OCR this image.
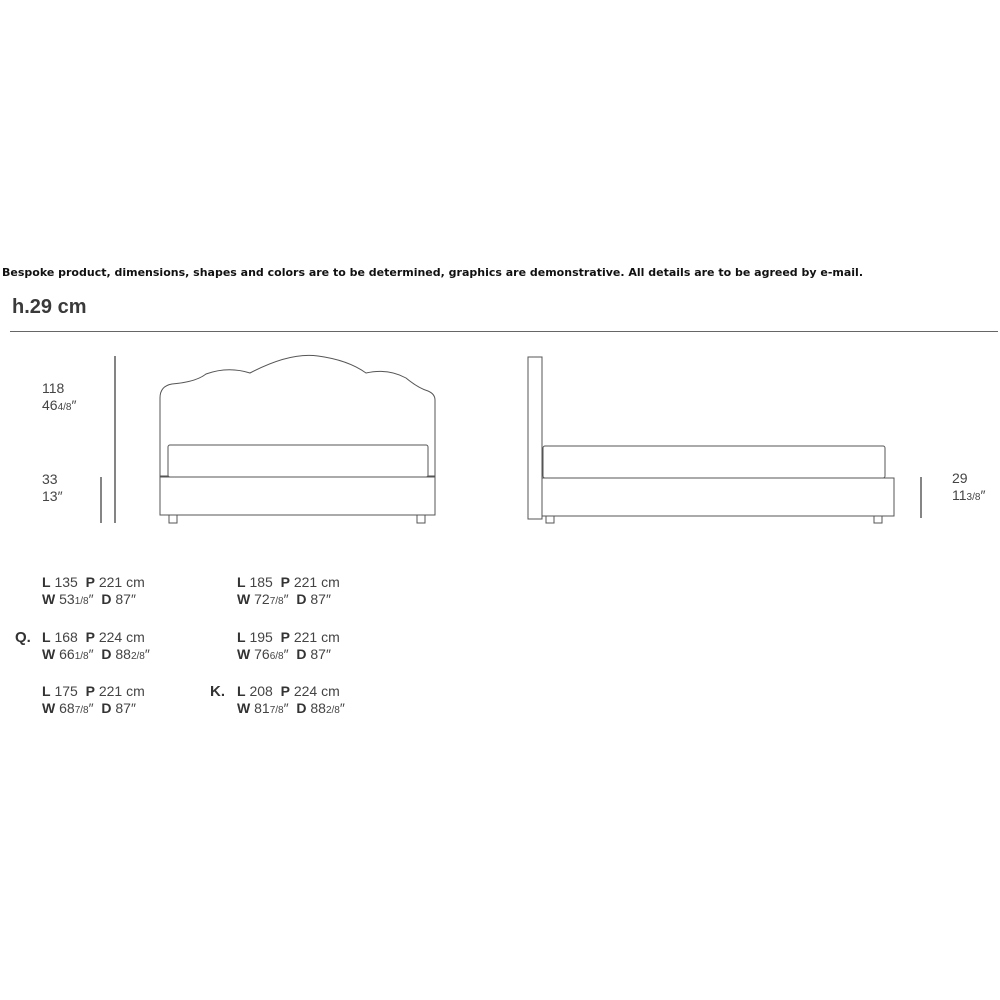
Bespoke product, dimensions, shapes and colors are to be determined, graphics are demonstrative. All details are to be agreed by e-mail.
h.29 cm
118
464/8″
33
13″
29
113/8″
L 135 P 221 cm
W 531/8″ D 87″
L 185 P 221 cm
W 727/8″ D 87″
Q. L 168 P 224 cm
W 661/8″ D 882/8″
L 195 P 221 cm
W 766/8″ D 87″
L 175 P 221 cm
W 687/8″ D 87″
K. L 208 P 224 cm
W 817/8″ D 882/8″
